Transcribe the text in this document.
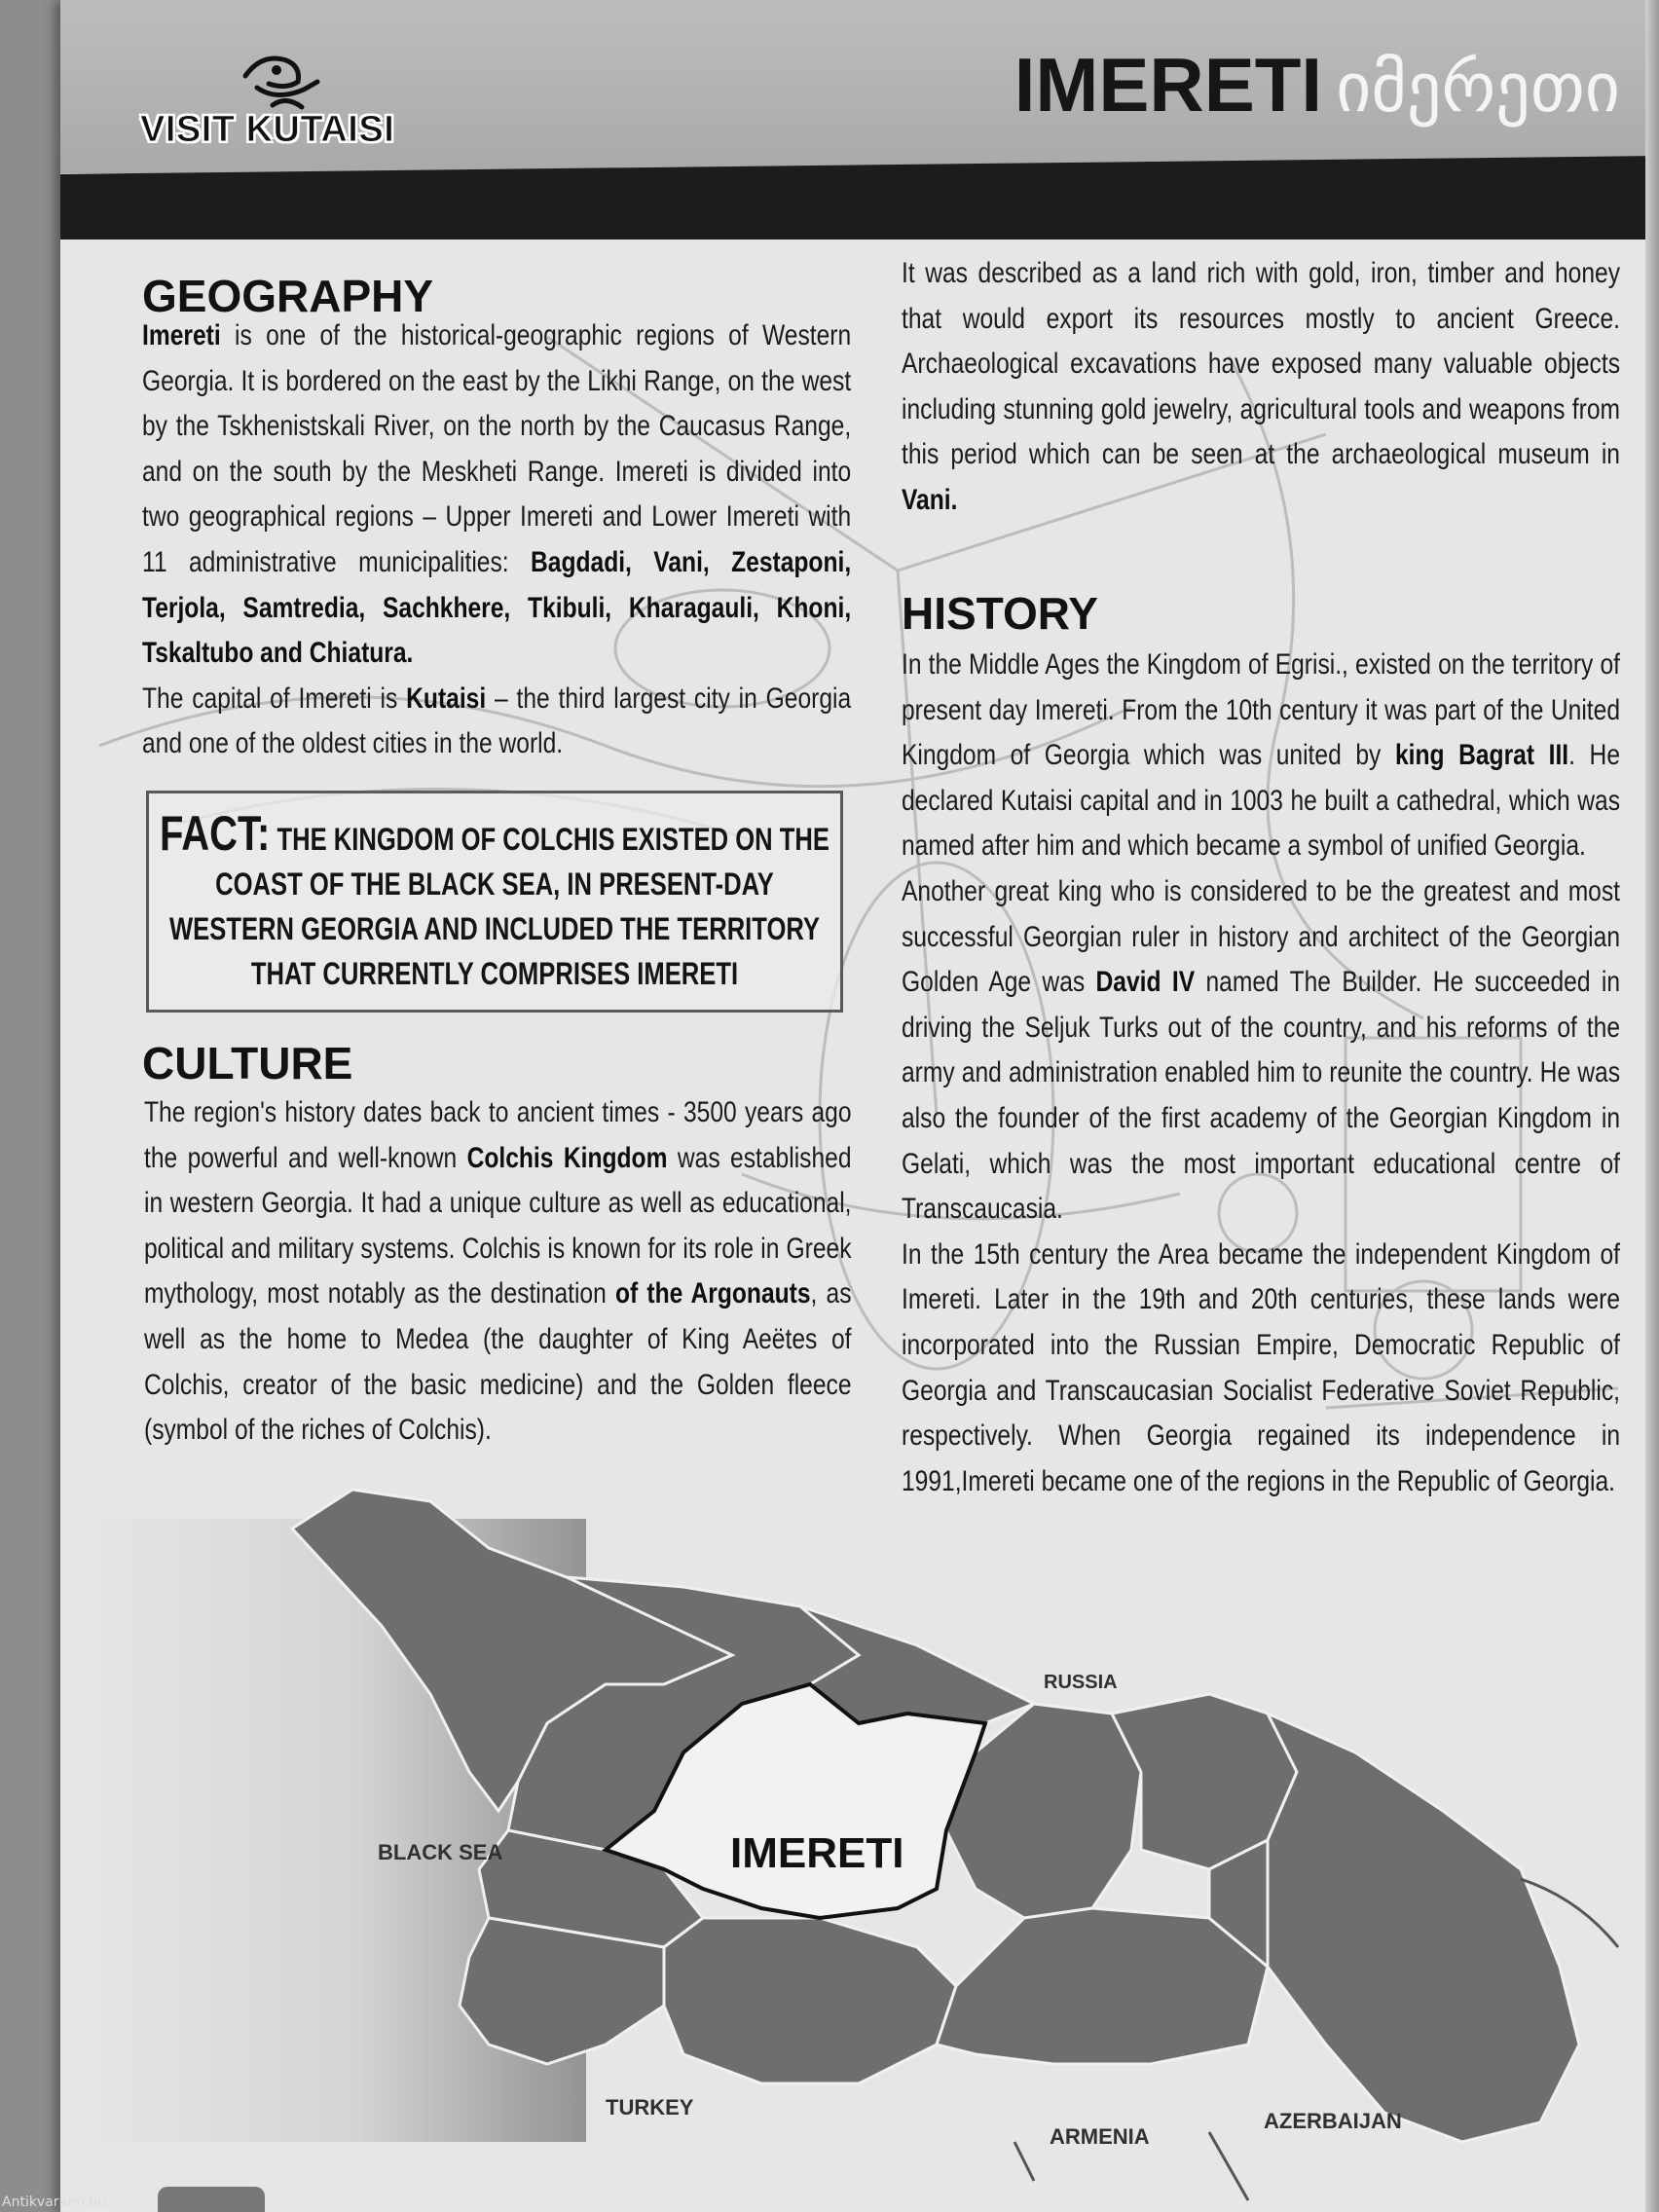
VISIT KUTAISI
IMERETI იმერეთი
GEOGRAPHY

Imereti is one of the historical-geographic regions of Western Georgia. It is bordered on the east by the Likhi Range, on the west by the Tskhenistskali River, on the north by the Caucasus Range, and on the south by the Meskheti Range. Imereti is divided into two geographical regions – Upper Imereti and Lower Imereti with 11 administrative municipalities: Bagdadi, Vani, Zestaponi, Terjola, Samtredia, Sachkhere, Tkibuli, Kharagauli, Khoni, Tskaltubo and Chiatura.

The capital of Imereti is Kutaisi – the third largest city in Georgia and one of the oldest cities in the world.

FACT: THE KINGDOM OF COLCHIS EXISTED ON THE COAST OF THE BLACK SEA, IN PRESENT-DAY WESTERN GEORGIA AND INCLUDED THE TERRITORY THAT CURRENTLY COMPRISES IMERETI
CULTURE

The region's history dates back to ancient times - 3500 years ago the powerful and well-known Colchis Kingdom was established in western Georgia. It had a unique culture as well as educational, political and military systems. Colchis is known for its role in Greek mythology, most notably as the destination of the Argonauts, as well as the home to Medea (the daughter of King Aeëtes of Colchis, creator of the basic medicine) and the Golden fleece (symbol of the riches of Colchis).

It was described as a land rich with gold, iron, timber and honey that would export its resources mostly to ancient Greece. Archaeological excavations have exposed many valuable objects including stunning gold jewelry, agricultural tools and weapons from this period which can be seen at the archaeological museum in Vani.

HISTORY

In the Middle Ages the Kingdom of Egrisi., existed on the territory of present day Imereti. From the 10th century it was part of the United Kingdom of Georgia which was united by king Bagrat III. He declared Kutaisi capital and in 1003 he built a cathedral, which was named after him and which became a symbol of unified Georgia.

Another great king who is considered to be the greatest and most successful Georgian ruler in history and architect of the Georgian Golden Age was David IV named The Builder. He succeeded in driving the Seljuk Turks out of the country, and his reforms of the army and administration enabled him to reunite the country. He was also the founder of the first academy of the Georgian Kingdom in Gelati, which was the most important educational centre of Transcaucasia.

In the 15th century the Area became the independent Kingdom of Imereti. Later in the 19th and 20th centuries, these lands were incorporated into the Russian Empire, Democratic Republic of Georgia and Transcaucasian Socialist Federative Soviet Republic, respectively. When Georgia regained its independence in 1991,Imereti became one of the regions in the Republic of Georgia.

RUSSIA
BLACK SEA	IMERETI
TURKEY
ARMENIA
AZERBAIJAN
Antikvarium.hu
